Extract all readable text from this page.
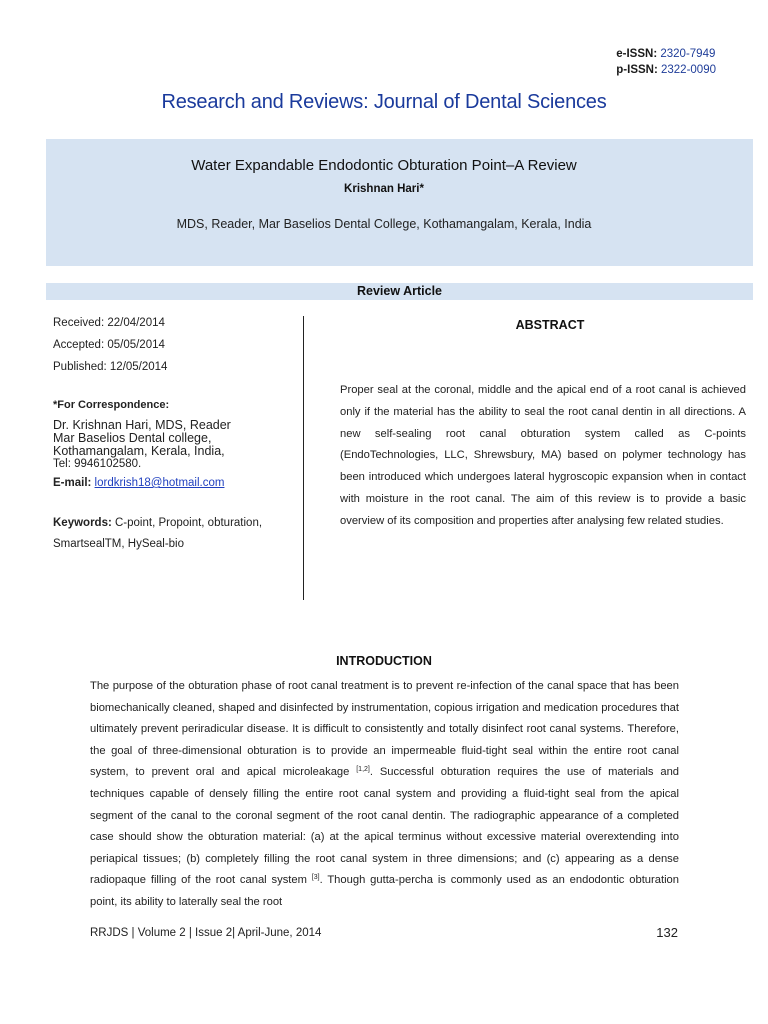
e-ISSN: 2320-7949
p-ISSN: 2322-0090
Research and Reviews: Journal of Dental Sciences
Water Expandable Endodontic Obturation Point–A Review
Krishnan Hari*
MDS, Reader, Mar Baselios Dental College, Kothamangalam, Kerala, India
Review Article
Received: 22/04/2014
Accepted: 05/05/2014
Published: 12/05/2014
*For Correspondence:
Dr. Krishnan Hari, MDS, Reader
Mar Baselios Dental college,
Kothamangalam, Kerala, India,
Tel: 9946102580.
E-mail: lordkrish18@hotmail.com
Keywords: C-point, Propoint, obturation, SmartsealTM, HySeal-bio
ABSTRACT
Proper seal at the coronal, middle and the apical end of a root canal is achieved only if the material has the ability to seal the root canal dentin in all directions. A new self-sealing root canal obturation system called as C-points (EndoTechnologies, LLC, Shrewsbury, MA) based on polymer technology has been introduced which undergoes lateral hygroscopic expansion when in contact with moisture in the root canal. The aim of this review is to provide a basic overview of its composition and properties after analysing few related studies.
INTRODUCTION
The purpose of the obturation phase of root canal treatment is to prevent re-infection of the canal space that has been biomechanically cleaned, shaped and disinfected by instrumentation, copious irrigation and medication procedures that ultimately prevent periradicular disease. It is difficult to consistently and totally disinfect root canal systems. Therefore, the goal of three-dimensional obturation is to provide an impermeable fluid-tight seal within the entire root canal system, to prevent oral and apical microleakage [1,2]. Successful obturation requires the use of materials and techniques capable of densely filling the entire root canal system and providing a fluid-tight seal from the apical segment of the canal to the coronal segment of the root canal dentin. The radiographic appearance of a completed case should show the obturation material: (a) at the apical terminus without excessive material overextending into periapical tissues; (b) completely filling the root canal system in three dimensions; and (c) appearing as a dense radiopaque filling of the root canal system [3]. Though gutta-percha is commonly used as an endodontic obturation point, its ability to laterally seal the root
RRJDS | Volume 2 | Issue 2| April-June, 2014	132
